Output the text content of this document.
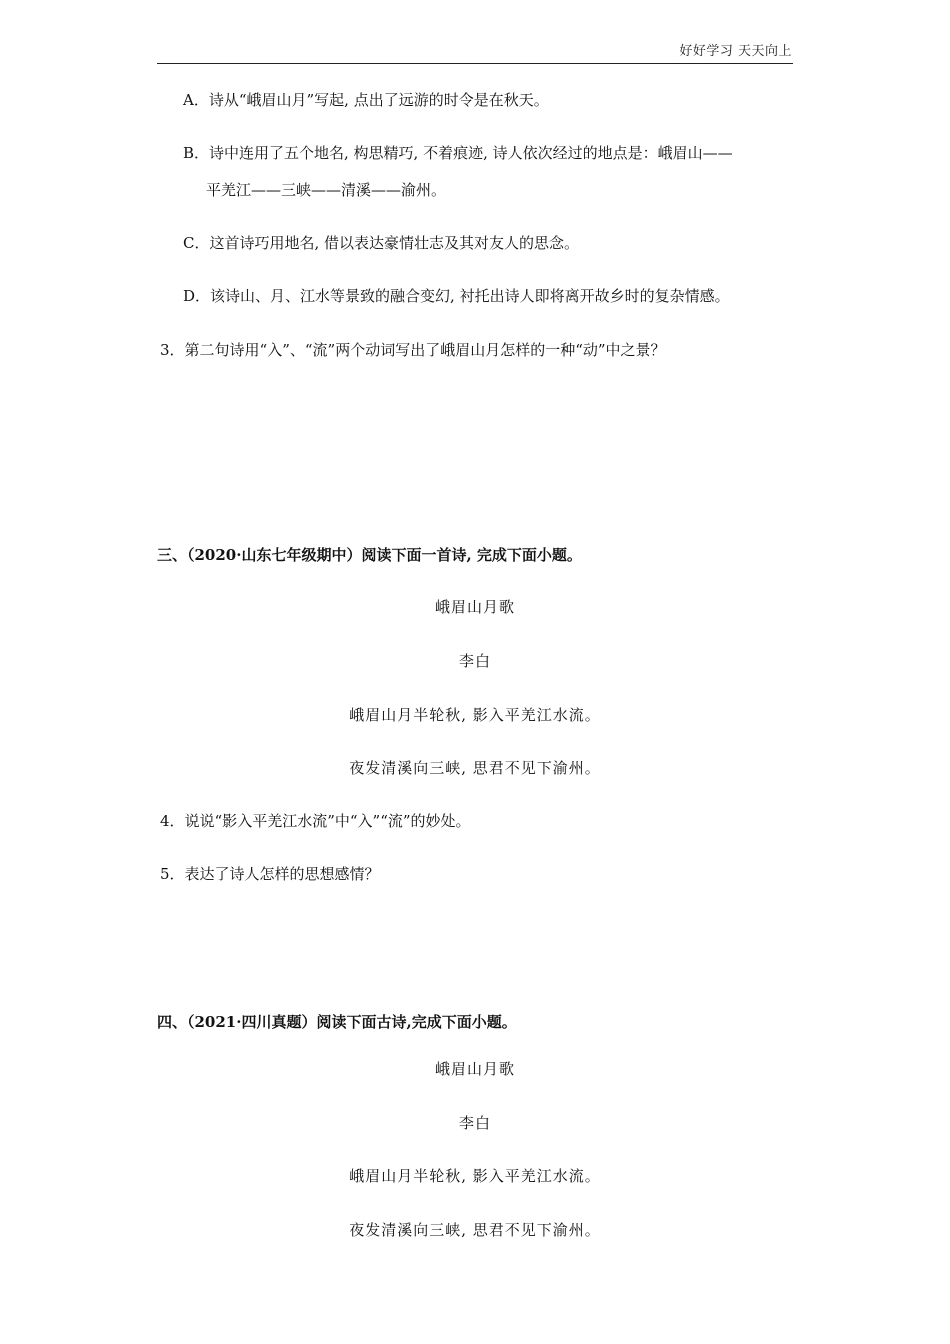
好好学习 天天向上
A．诗从“峨眉山月”写起, 点出了远游的时令是在秋天。
B．诗中连用了五个地名, 构思精巧, 不着痕迹, 诗人依次经过的地点是：峨眉山——
平羌江——三峡——清溪——渝州。
C．这首诗巧用地名, 借以表达豪情壮志及其对友人的思念。
D．该诗山、月、江水等景致的融合变幻, 衬托出诗人即将离开故乡时的复杂情感。
3．第二句诗用“入”、“流”两个动词写出了峨眉山月怎样的一种“动”中之景？
三、（2020·山东七年级期中）阅读下面一首诗, 完成下面小题。
峨眉山月歌
李白
峨眉山月半轮秋, 影入平羌江水流。
夜发清溪向三峡, 思君不见下渝州。
4．说说“影入平羌江水流”中“入”“流”的妙处。
5．表达了诗人怎样的思想感情？
四、（2021·四川真题）阅读下面古诗,完成下面小题。
峨眉山月歌
李白
峨眉山月半轮秋, 影入平羌江水流。
夜发清溪向三峡, 思君不见下渝州。
